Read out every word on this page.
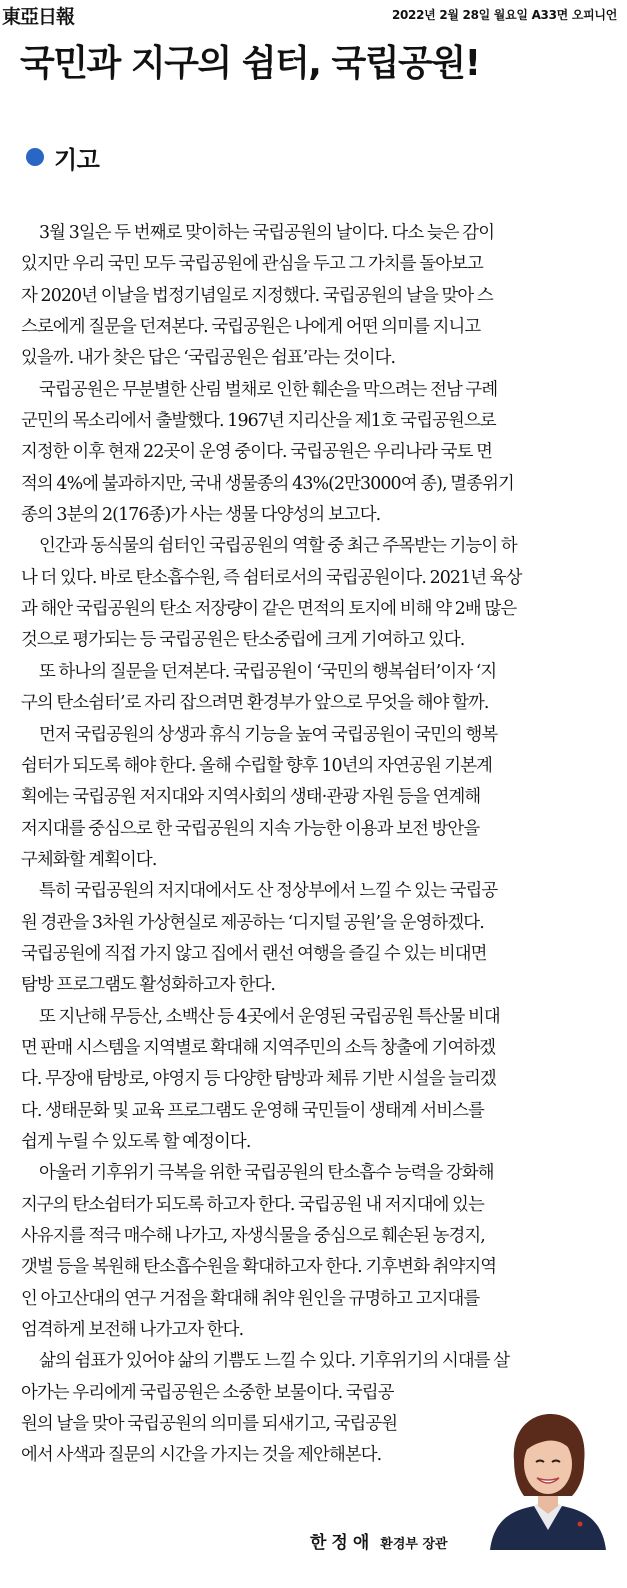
東亞日報	2022년 2월 28일 월요일 A33면 오피니언
국민과 지구의 쉼터, 국립공원!
기고

3월 3일은 두 번째로 맞이하는 국립공원의 날이다. 다소 늦은 감이
있지만 우리 국민 모두 국립공원에 관심을 두고 그 가치를 돌아보고
자 2020년 이날을 법정기념일로 지정했다. 국립공원의 날을 맞아 스
스로에게 질문을 던져본다. 국립공원은 나에게 어떤 의미를 지니고
있을까. 내가 찾은 답은 ‘국립공원은 쉼표’라는 것이다.

국립공원은 무분별한 산림 벌채로 인한 훼손을 막으려는 전남 구례
군민의 목소리에서 출발했다. 1967년 지리산을 제1호 국립공원으로
지정한 이후 현재 22곳이 운영 중이다. 국립공원은 우리나라 국토 면
적의 4%에 불과하지만, 국내 생물종의 43%(2만3000여 종), 멸종위기
종의 3분의 2(176종)가 사는 생물 다양성의 보고다.

인간과 동식물의 쉼터인 국립공원의 역할 중 최근 주목받는 기능이 하
나 더 있다. 바로 탄소흡수원, 즉 쉼터로서의 국립공원이다. 2021년 육상
과 해안 국립공원의 탄소 저장량이 같은 면적의 토지에 비해 약 2배 많은
것으로 평가되는 등 국립공원은 탄소중립에 크게 기여하고 있다.

또 하나의 질문을 던져본다. 국립공원이 ‘국민의 행복쉼터’이자 ‘지
구의 탄소쉼터’로 자리 잡으려면 환경부가 앞으로 무엇을 해야 할까.

먼저 국립공원의 상생과 휴식 기능을 높여 국립공원이 국민의 행복
쉼터가 되도록 해야 한다. 올해 수립할 향후 10년의 자연공원 기본계
획에는 국립공원 저지대와 지역사회의 생태·관광 자원 등을 연계해
저지대를 중심으로 한 국립공원의 지속 가능한 이용과 보전 방안을
구체화할 계획이다.

특히 국립공원의 저지대에서도 산 정상부에서 느낄 수 있는 국립공
원 경관을 3차원 가상현실로 제공하는 ‘디지털 공원’을 운영하겠다.
국립공원에 직접 가지 않고 집에서 랜선 여행을 즐길 수 있는 비대면
탐방 프로그램도 활성화하고자 한다.

또 지난해 무등산, 소백산 등 4곳에서 운영된 국립공원 특산물 비대
면 판매 시스템을 지역별로 확대해 지역주민의 소득 창출에 기여하겠
다. 무장애 탐방로, 야영지 등 다양한 탐방과 체류 기반 시설을 늘리겠
다. 생태문화 및 교육 프로그램도 운영해 국민들이 생태계 서비스를
쉽게 누릴 수 있도록 할 예정이다.

아울러 기후위기 극복을 위한 국립공원의 탄소흡수 능력을 강화해
지구의 탄소쉼터가 되도록 하고자 한다. 국립공원 내 저지대에 있는
사유지를 적극 매수해 나가고, 자생식물을 중심으로 훼손된 농경지,
갯벌 등을 복원해 탄소흡수원을 확대하고자 한다. 기후변화 취약지역
인 아고산대의 연구 거점을 확대해 취약 원인을 규명하고 고지대를
엄격하게 보전해 나가고자 한다.

삶의 쉼표가 있어야 삶의 기쁨도 느낄 수 있다. 기후위기의 시대를 살
아가는 우리에게 국립공원은 소중한 보물이다. 국립공
원의 날을 맞아 국립공원의 의미를 되새기고, 국립공원
에서 사색과 질문의 시간을 가지는 것을 제안해본다.

한정애 환경부 장관
